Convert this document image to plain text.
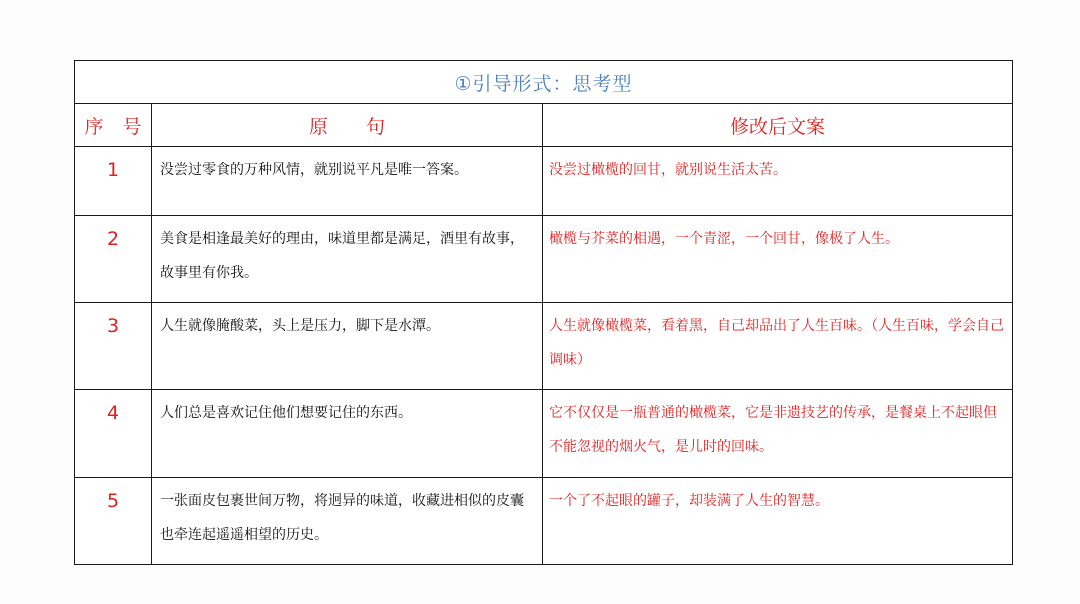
①引导形式：思考型		
序　号	原　　句	修改后文案
1	没尝过零食的万种风情，就别说平凡是唯一答案。	没尝过橄榄的回甘，就别说生活太苦。
2	美食是相逢最美好的理由，味道里都是满足，酒里有故事，故事里有你我。	橄榄与芥菜的相遇，一个青涩，一个回甘，像极了人生。
3	人生就像腌酸菜，头上是压力，脚下是水潭。	人生就像橄榄菜，看着黑，自己却品出了人生百味。（人生百味，学会自己调味）
4	人们总是喜欢记住他们想要记住的东西。	它不仅仅是一瓶普通的橄榄菜，它是非遗技艺的传承，是餐桌上不起眼但不能忽视的烟火气，是儿时的回味。
5	一张面皮包裹世间万物，将迥异的味道，收藏进相似的皮囊也牵连起遥遥相望的历史。	一个了不起眼的罐子，却装满了人生的智慧。
